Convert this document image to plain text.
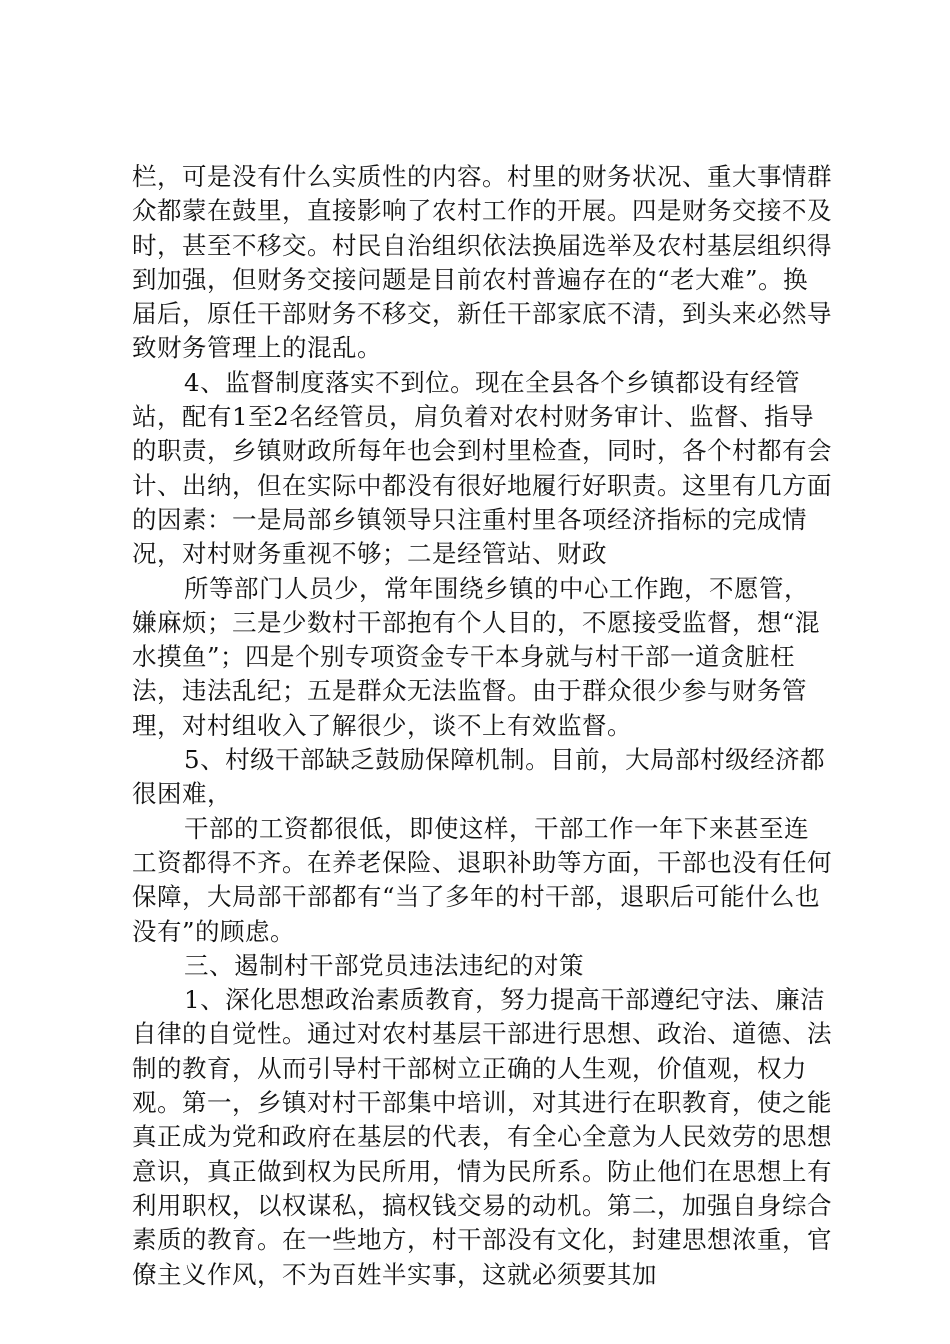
栏，可是没有什么实质性的内容。村里的财务状况、重大事情群众都蒙在鼓里，直接影响了农村工作的开展。四是财务交接不及时，甚至不移交。村民自治组织依法换届选举及农村基层组织得到加强，但财务交接问题是目前农村普遍存在的“老大难”。换届后，原任干部财务不移交，新任干部家底不清，到头来必然导致财务管理上的混乱。

4、监督制度落实不到位。现在全县各个乡镇都设有经管站，配有1至2名经管员，肩负着对农村财务审计、监督、指导的职责，乡镇财政所每年也会到村里检查，同时，各个村都有会计、出纳，但在实际中都没有很好地履行好职责。这里有几方面的因素：一是局部乡镇领导只注重村里各项经济指标的完成情况，对村财务重视不够；二是经管站、财政

所等部门人员少，常年围绕乡镇的中心工作跑，不愿管，嫌麻烦；三是少数村干部抱有个人目的，不愿接受监督，想“混水摸鱼”；四是个别专项资金专干本身就与村干部一道贪脏枉法，违法乱纪；五是群众无法监督。由于群众很少参与财务管理，对村组收入了解很少，谈不上有效监督。

5、村级干部缺乏鼓励保障机制。目前，大局部村级经济都很困难，

干部的工资都很低，即使这样，干部工作一年下来甚至连工资都得不齐。在养老保险、退职补助等方面，干部也没有任何保障，大局部干部都有“当了多年的村干部，退职后可能什么也没有”的顾虑。

三、遏制村干部党员违法违纪的对策

1、深化思想政治素质教育，努力提高干部遵纪守法、廉洁自律的自觉性。通过对农村基层干部进行思想、政治、道德、法制的教育，从而引导村干部树立正确的人生观，价值观，权力观。第一，乡镇对村干部集中培训，对其进行在职教育，使之能真正成为党和政府在基层的代表，有全心全意为人民效劳的思想意识，真正做到权为民所用，情为民所系。防止他们在思想上有利用职权，以权谋私，搞权钱交易的动机。第二，加强自身综合素质的教育。在一些地方，村干部没有文化，封建思想浓重，官僚主义作风，不为百姓半实事，这就必须要其加
